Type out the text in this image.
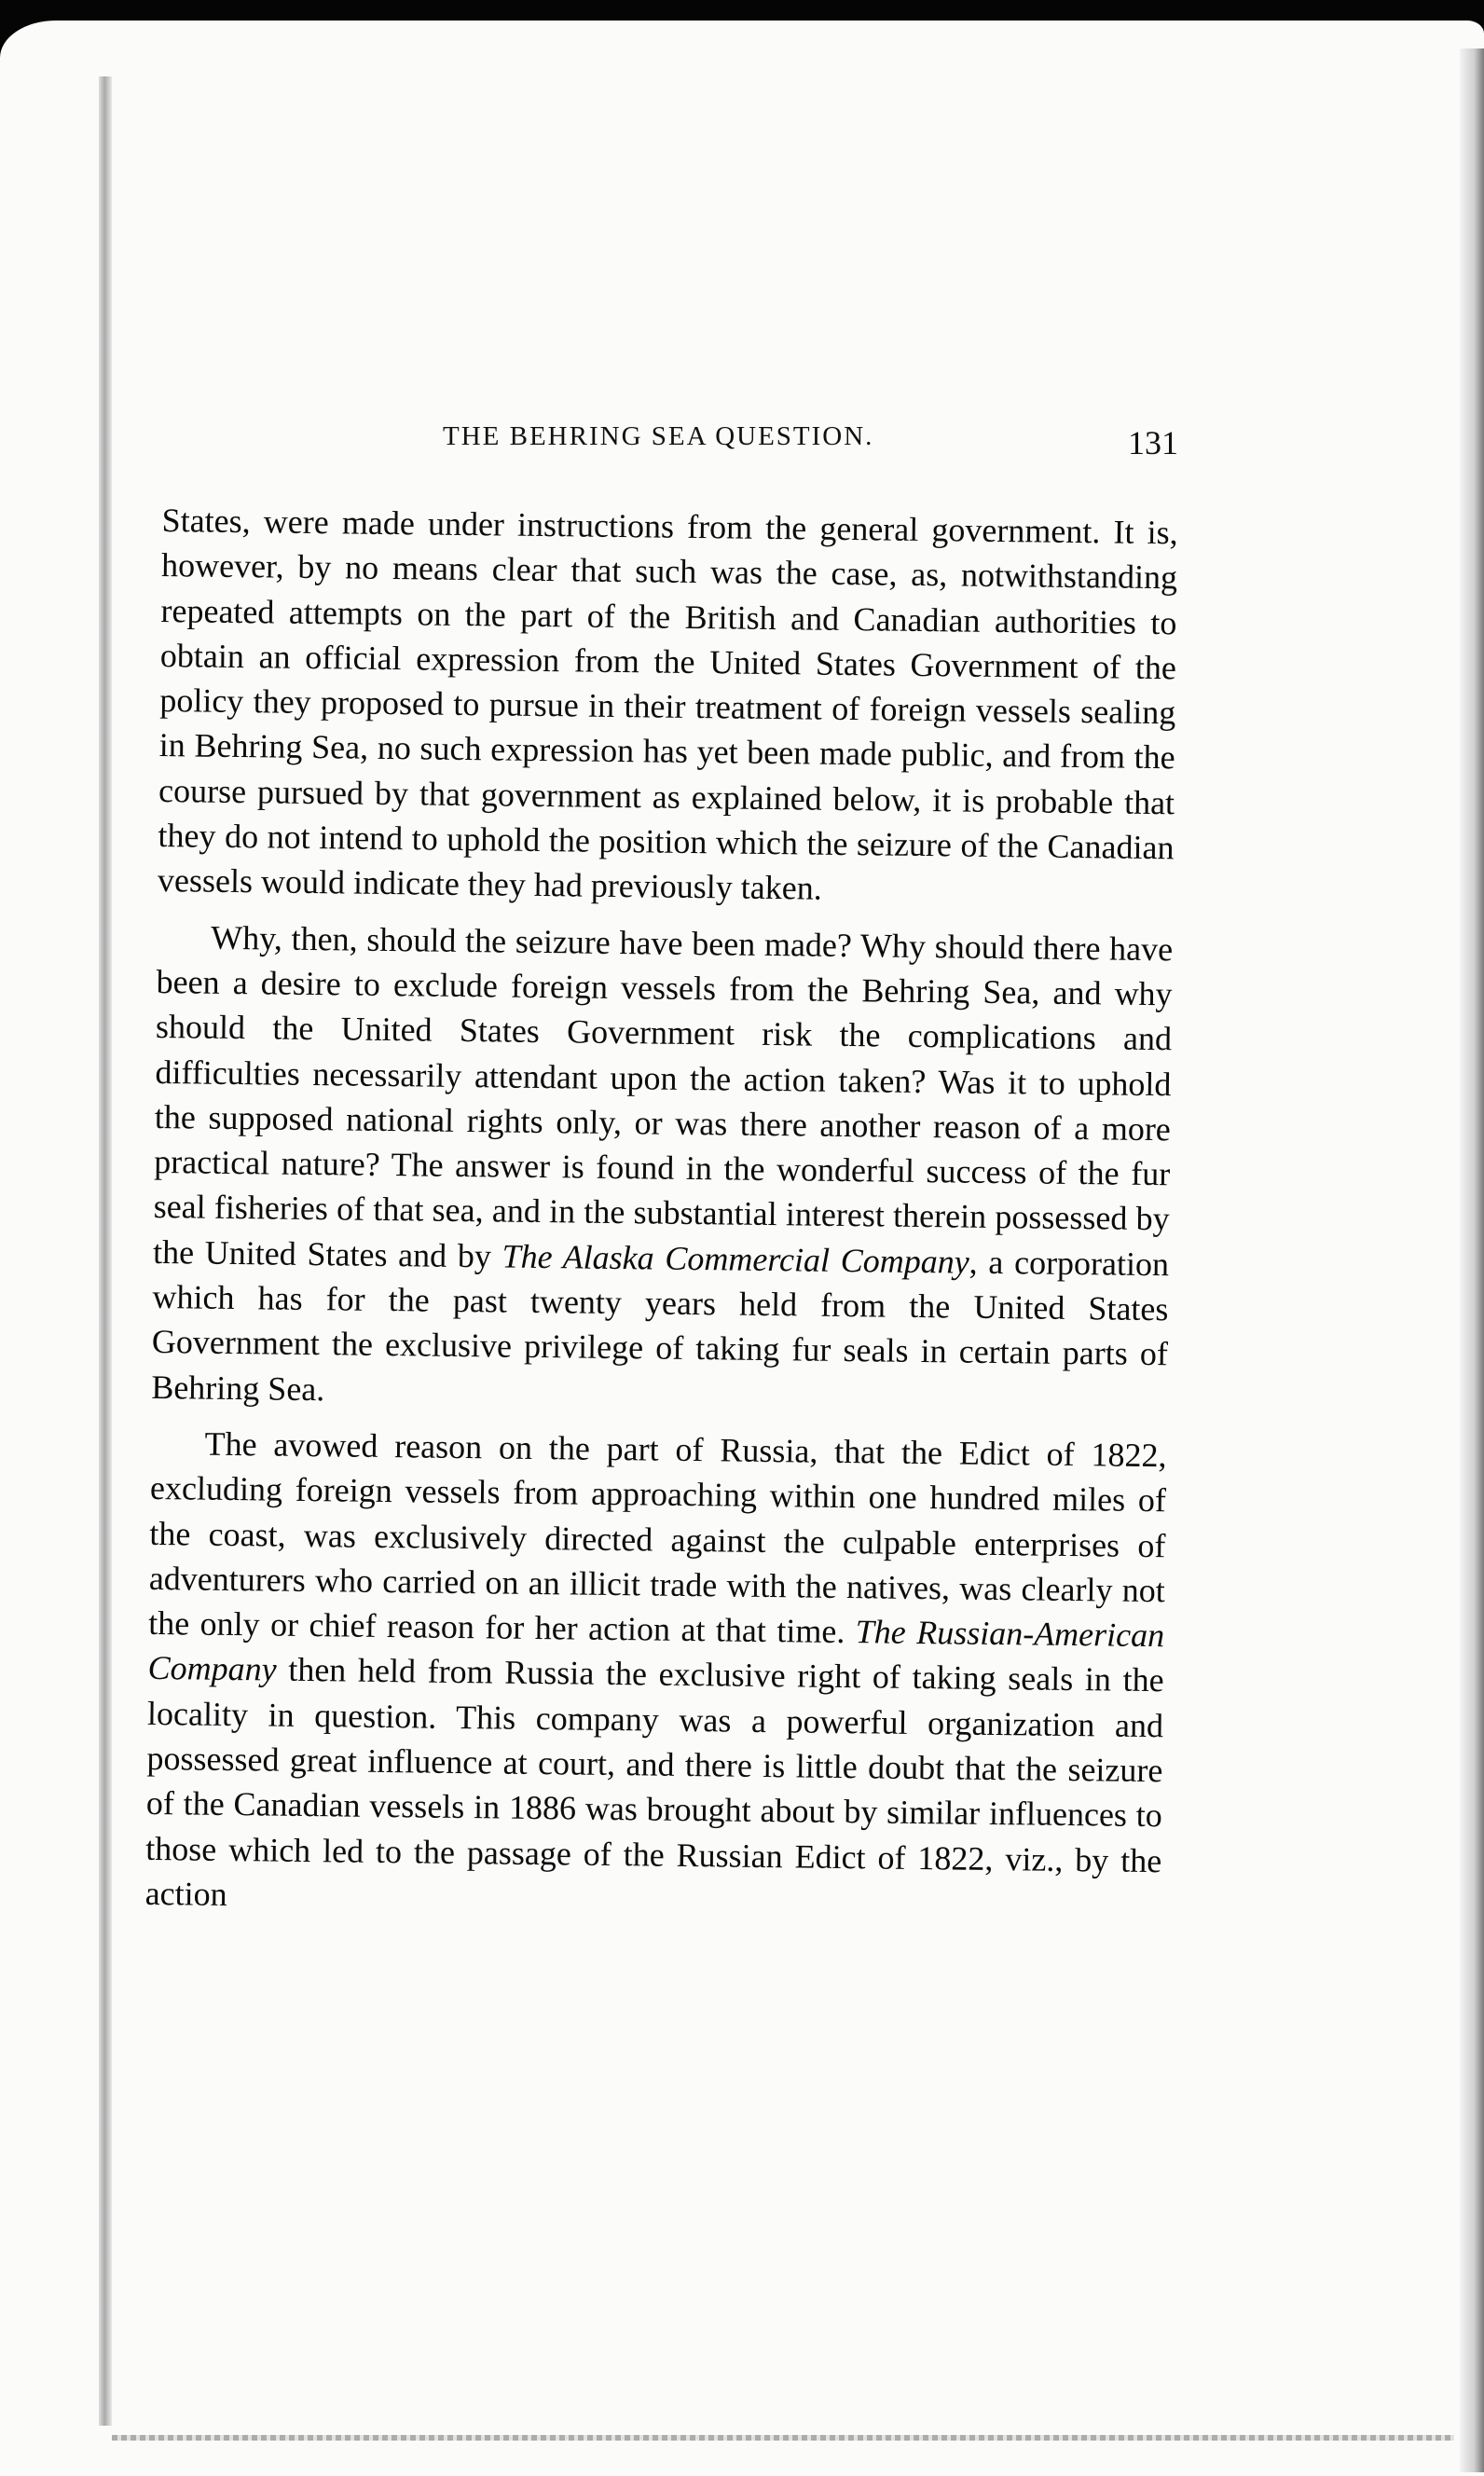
THE BEHRING SEA QUESTION.	131

States, were made under instructions from the general government. It is, however, by no means clear that such was the case, as, notwithstanding repeated attempts on the part of the British and Canadian authorities to obtain an official expression from the United States Government of the policy they proposed to pursue in their treatment of foreign vessels sealing in Behring Sea, no such expression has yet been made public, and from the course pursued by that government as explained below, it is probable that they do not intend to uphold the position which the seizure of the Canadian vessels would indicate they had previously taken.

Why, then, should the seizure have been made? Why should there have been a desire to exclude foreign vessels from the Behring Sea, and why should the United States Government risk the complications and difficulties necessarily attendant upon the action taken? Was it to uphold the supposed national rights only, or was there another reason of a more practical nature? The answer is found in the wonderful success of the fur seal fisheries of that sea, and in the substantial interest therein possessed by the United States and by The Alaska Commercial Company, a corporation which has for the past twenty years held from the United States Government the exclusive privilege of taking fur seals in certain parts of Behring Sea.

The avowed reason on the part of Russia, that the Edict of 1822, excluding foreign vessels from approaching within one hundred miles of the coast, was exclusively directed against the culpable enterprises of adventurers who carried on an illicit trade with the natives, was clearly not the only or chief reason for her action at that time. The Russian-American Company then held from Russia the exclusive right of taking seals in the locality in question. This company was a powerful organization and possessed great influence at court, and there is little doubt that the seizure of the Canadian vessels in 1886 was brought about by similar influences to those which led to the passage of the Russian Edict of 1822, viz., by the action
